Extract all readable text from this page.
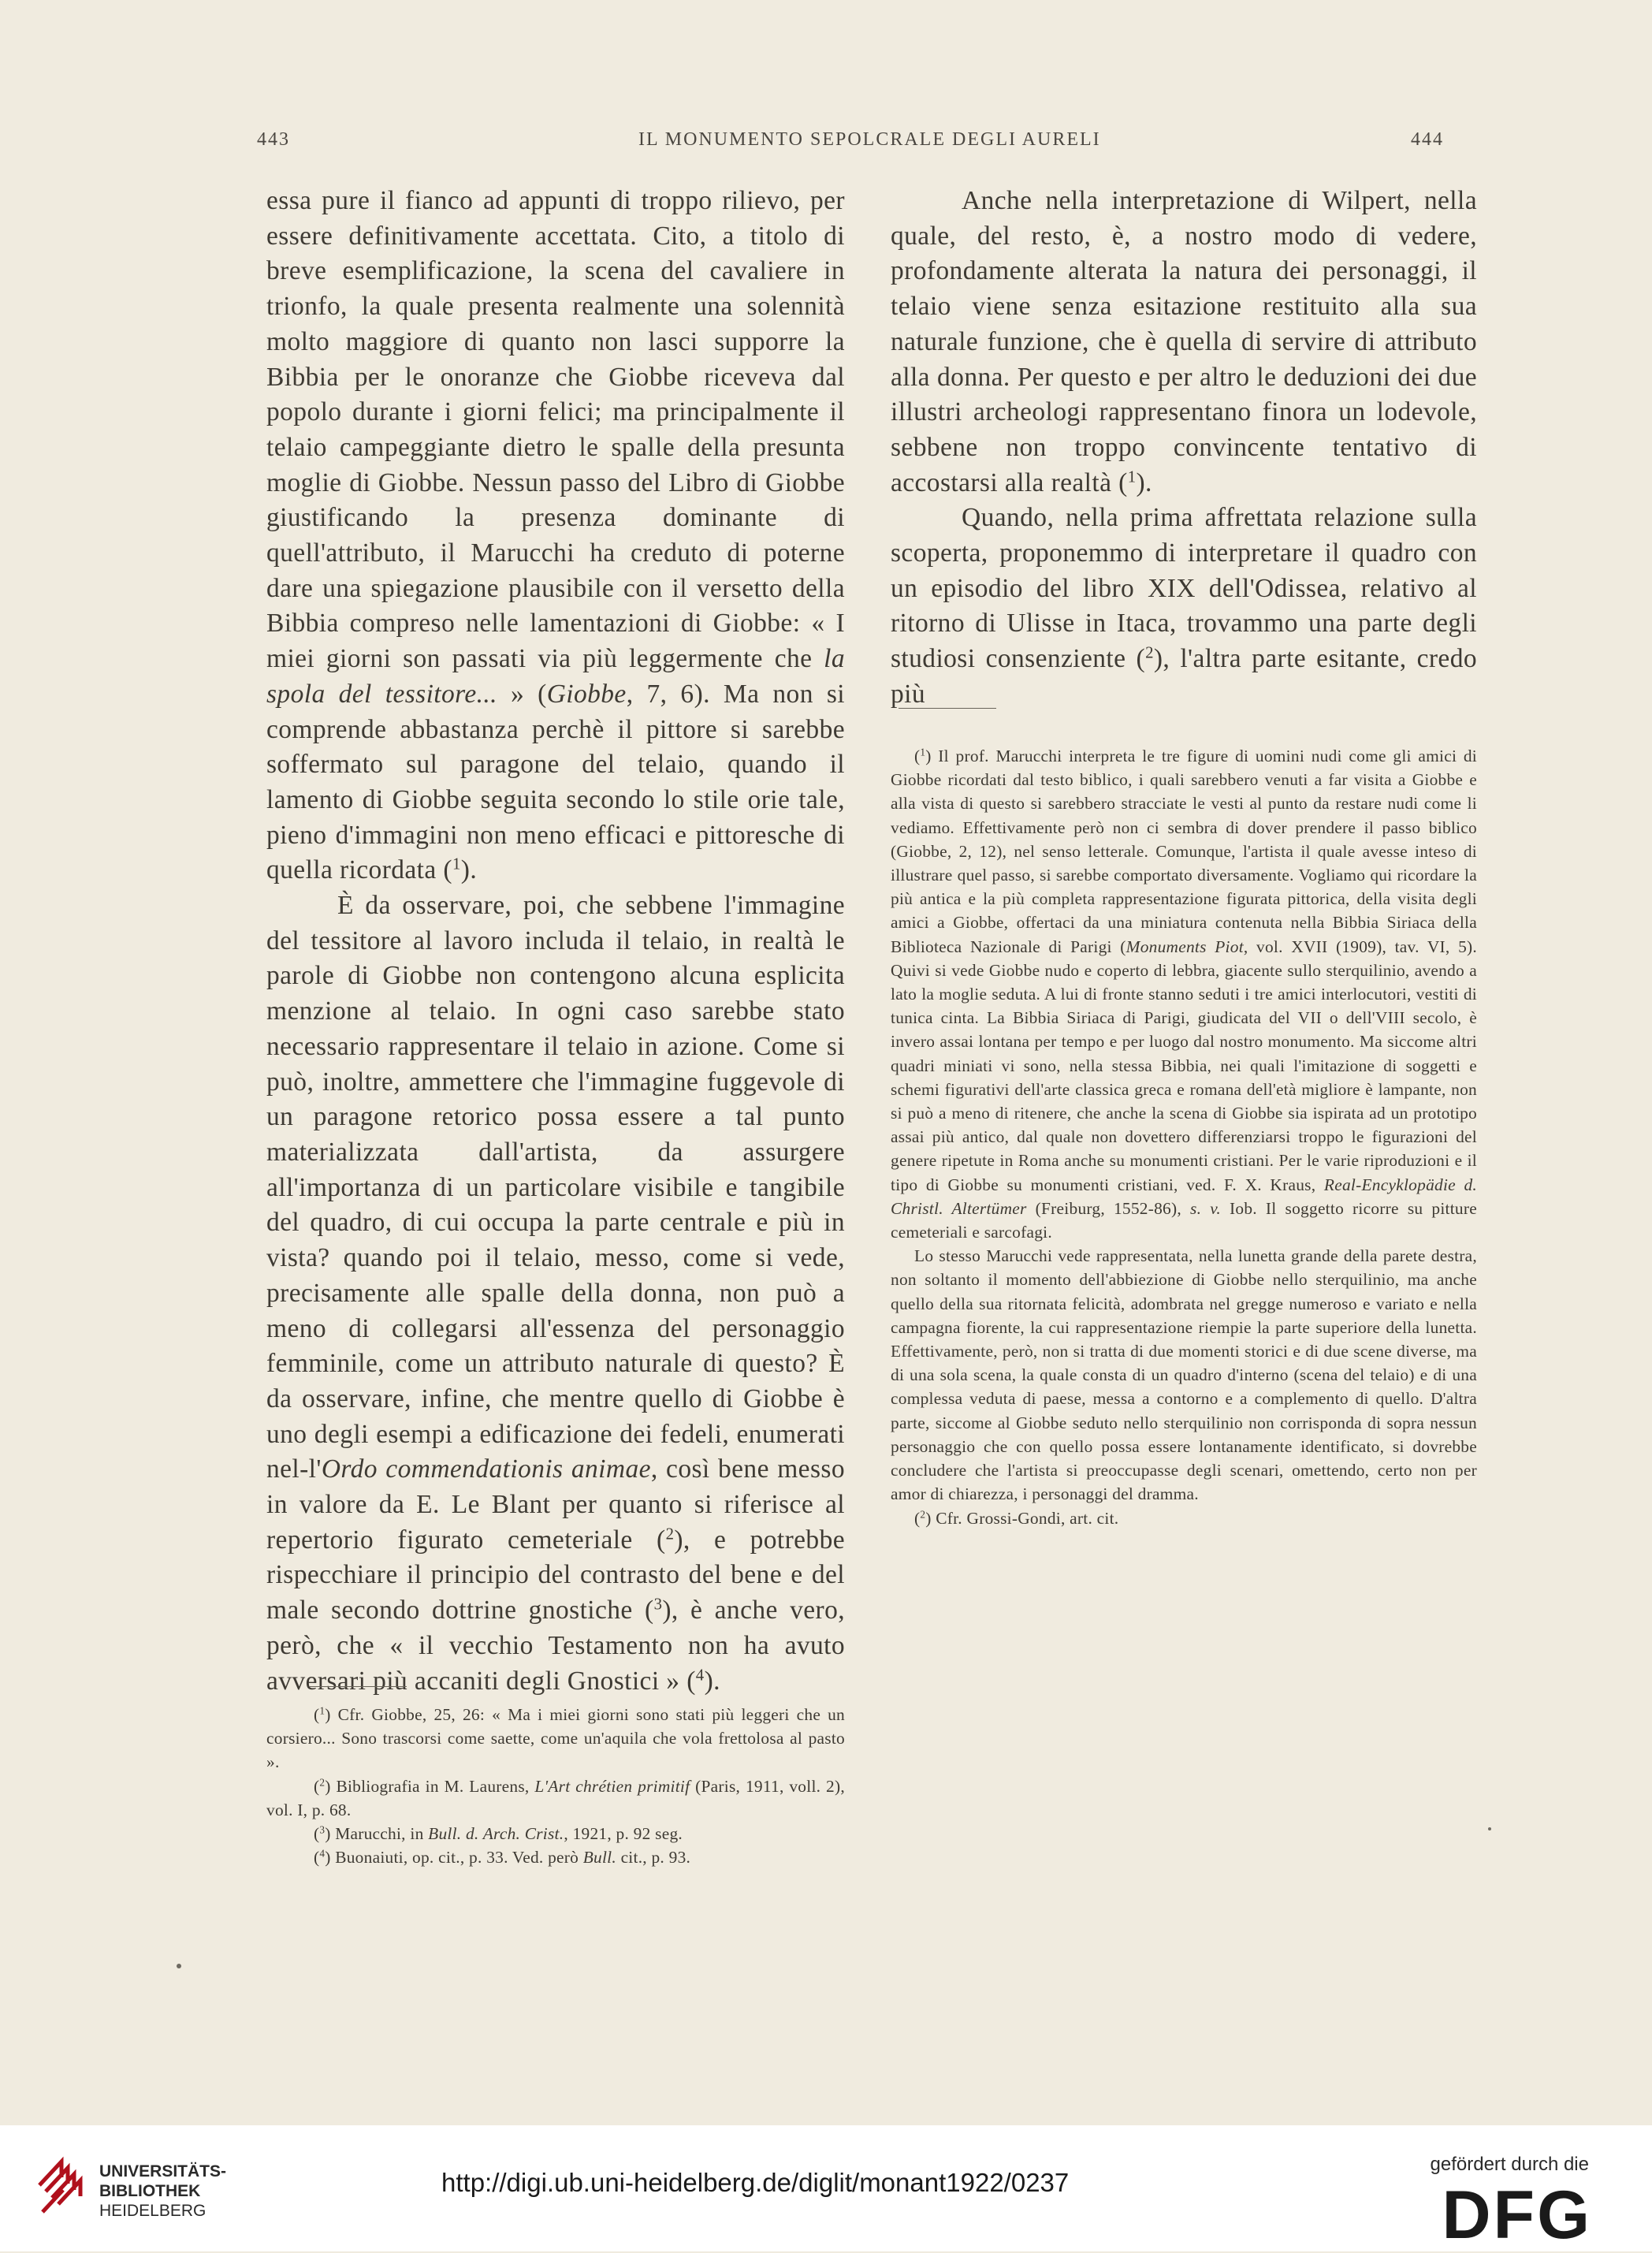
443	IL MONUMENTO SEPOLCRALE DEGLI AURELI	444

essa pure il fianco ad appunti di troppo rilievo, per essere definitivamente accettata. Cito, a titolo di breve esemplificazione, la scena del cavaliere in trionfo, la quale presenta realmente una solennità molto maggiore di quanto non lasci supporre la Bibbia per le onoranze che Giobbe riceveva dal popolo durante i giorni felici; ma principalmente il telaio campeggiante dietro le spalle della presunta moglie di Giobbe. Nessun passo del Libro di Giobbe giustificando la presenza dominante di quell'attributo, il Marucchi ha creduto di poterne dare una spiegazione plausibile con il versetto della Bibbia compreso nelle lamentazioni di Giobbe: « I miei giorni son passati via più leggermente che la spola del tessitore... » (Giobbe, 7, 6). Ma non si comprende abbastanza perchè il pittore si sarebbe soffermato sul paragone del telaio, quando il lamento di Giobbe seguita secondo lo stile orie tale, pieno d'immagini non meno efficaci e pittoresche di quella ricordata ($^1$).

È da osservare, poi, che sebbene l'immagine del tessitore al lavoro includa il telaio, in realtà le parole di Giobbe non contengono alcuna esplicita menzione al telaio. In ogni caso sarebbe stato necessario rappresentare il telaio in azione. Come si può, inoltre, ammettere che l'immagine fuggevole di un paragone retorico possa essere a tal punto materializzata dall'artista, da assurgere all'importanza di un particolare visibile e tangibile del quadro, di cui occupa la parte centrale e più in vista? quando poi il telaio, messo, come si vede, precisamente alle spalle della donna, non può a meno di collegarsi all'essenza del personaggio femminile, come un attributo naturale di questo? È da osservare, infine, che mentre quello di Giobbe è uno degli esempi a edificazione dei fedeli, enumerati nel-l'Ordo commendationis animae, così bene messo in valore da E. Le Blant per quanto si riferisce al repertorio figurato cemeteriale ($^2$), e potrebbe rispecchiare il principio del contrasto del bene e del male secondo dottrine gnostiche ($^3$), è anche vero, però, che « il vecchio Testamento non ha avuto avversari più accaniti degli Gnostici » ($^4$).

($^1$) Cfr. Giobbe, 25, 26: « Ma i miei giorni sono stati più leggeri che un corsiero... Sono trascorsi come saette, come un'aquila che vola frettolosa al pasto ».

($^2$) Bibliografia in M. Laurens, L'Art chrétien primitif (Paris, 1911, voll. 2), vol. I, p. 68.

($^3$) Marucchi, in Bull. d. Arch. Crist., 1921, p. 92 seg.

($^4$) Buonaiuti, op. cit., p. 33. Ved. però Bull. cit., p. 93.

Anche nella interpretazione di Wilpert, nella quale, del resto, è, a nostro modo di vedere, profondamente alterata la natura dei personaggi, il telaio viene senza esitazione restituito alla sua naturale funzione, che è quella di servire di attributo alla donna. Per questo e per altro le deduzioni dei due illustri archeologi rappresentano finora un lodevole, sebbene non troppo convincente tentativo di accostarsi alla realtà ($^1$).

Quando, nella prima affrettata relazione sulla scoperta, proponemmo di interpretare il quadro con un episodio del libro XIX dell'Odissea, relativo al ritorno di Ulisse in Itaca, trovammo una parte degli studiosi consenziente ($^2$), l'altra parte esitante, credo più

($^1$) Il prof. Marucchi interpreta le tre figure di uomini nudi come gli amici di Giobbe ricordati dal testo biblico, i quali sarebbero venuti a far visita a Giobbe e alla vista di questo si sarebbero stracciate le vesti al punto da restare nudi come li vediamo. Effettivamente però non ci sembra di dover prendere il passo biblico (Giobbe, 2, 12), nel senso letterale. Comunque, l'artista il quale avesse inteso di illustrare quel passo, si sarebbe comportato diversamente. Vogliamo qui ricordare la più antica e la più completa rappresentazione figurata pittorica, della visita degli amici a Giobbe, offertaci da una miniatura contenuta nella Bibbia Siriaca della Biblioteca Nazionale di Parigi (Monuments Piot, vol. XVII (1909), tav. VI, 5). Quivi si vede Giobbe nudo e coperto di lebbra, giacente sullo sterquilinio, avendo a lato la moglie seduta. A lui di fronte stanno seduti i tre amici interlocutori, vestiti di tunica cinta. La Bibbia Siriaca di Parigi, giudicata del VII o dell'VIII secolo, è invero assai lontana per tempo e per luogo dal nostro monumento. Ma siccome altri quadri miniati vi sono, nella stessa Bibbia, nei quali l'imitazione di soggetti e schemi figurativi dell'arte classica greca e romana dell'età migliore è lampante, non si può a meno di ritenere, che anche la scena di Giobbe sia ispirata ad un prototipo assai più antico, dal quale non dovettero differenziarsi troppo le figurazioni del genere ripetute in Roma anche su monumenti cristiani. Per le varie riproduzioni e il tipo di Giobbe su monumenti cristiani, ved. F. X. Kraus, Real-Encyklopädie d. Christl. Altertümer (Freiburg, 1552-86), s. v. Iob. Il soggetto ricorre su pitture cemeteriali e sarcofagi.

Lo stesso Marucchi vede rappresentata, nella lunetta grande della parete destra, non soltanto il momento dell'abbiezione di Giobbe nello sterquilinio, ma anche quello della sua ritornata felicità, adombrata nel gregge numeroso e variato e nella campagna fiorente, la cui rappresentazione riempie la parte superiore della lunetta. Effettivamente, però, non si tratta di due momenti storici e di due scene diverse, ma di una sola scena, la quale consta di un quadro d'interno (scena del telaio) e di una complessa veduta di paese, messa a contorno e a complemento di quello. D'altra parte, siccome al Giobbe seduto nello sterquilinio non corrisponda di sopra nessun personaggio che con quello possa essere lontanamente identificato, si dovrebbe concludere che l'artista si preoccupasse degli scenari, omettendo, certo non per amor di chiarezza, i personaggi del dramma.

($^2$) Cfr. Grossi-Gondi, art. cit.

UNIVERSITÄTS-
BIBLIOTHEK
HEIDELBERG
http://digi.ub.uni-heidelberg.de/diglit/monant1922/0237
gefördert durch die
DFG
